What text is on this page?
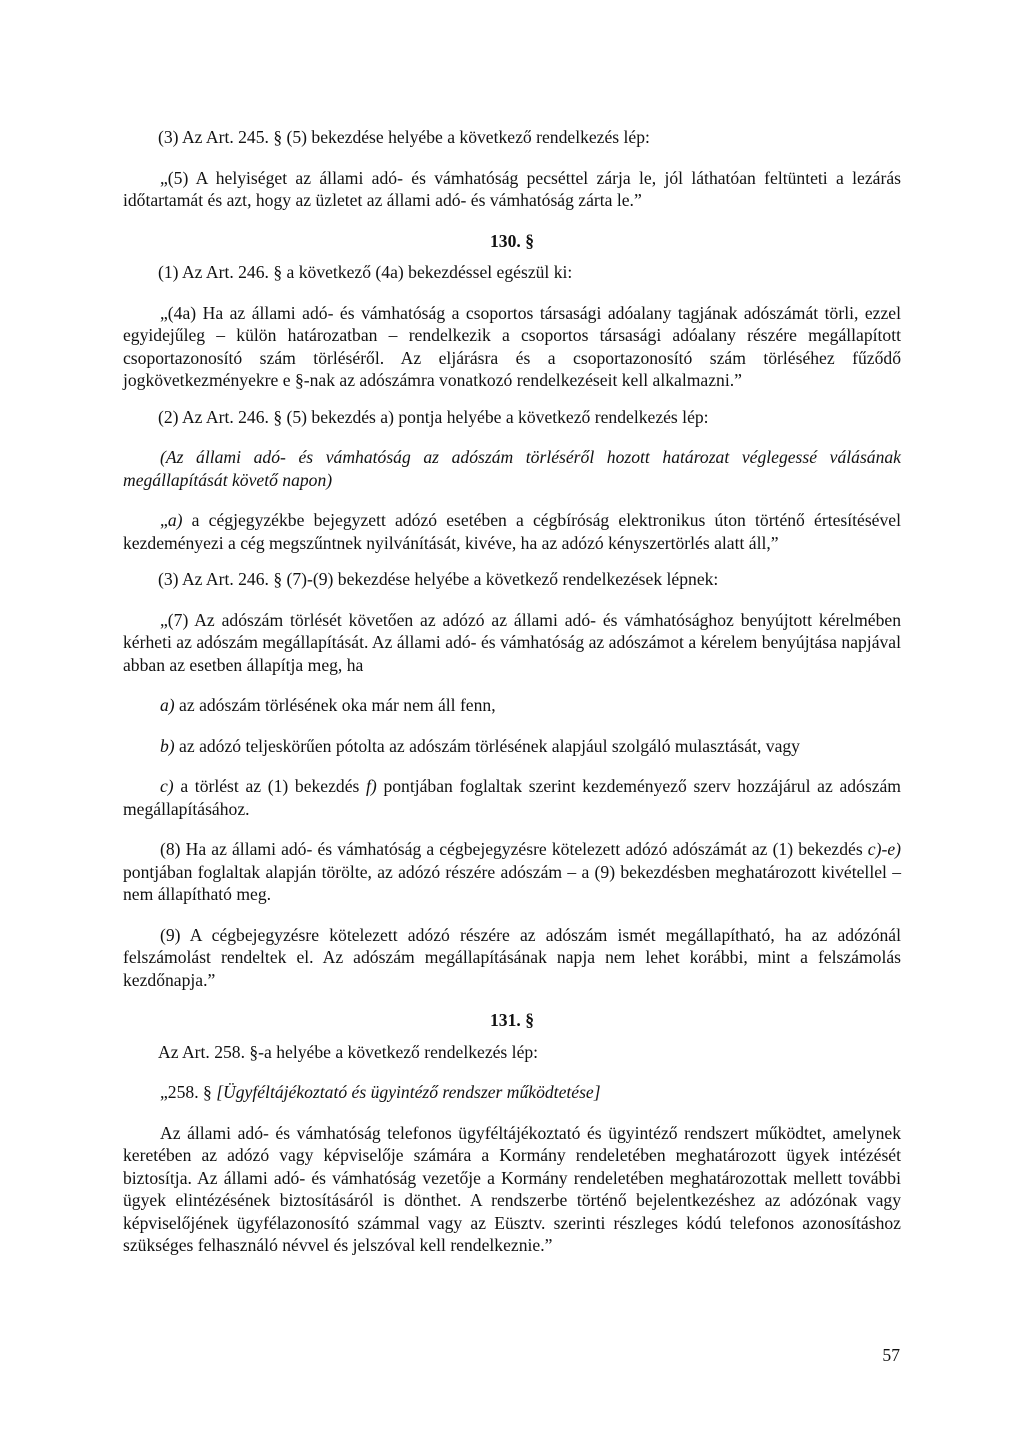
(3) Az Art. 245. § (5) bekezdése helyébe a következő rendelkezés lép:

„(5) A helyiséget az állami adó- és vámhatóság pecséttel zárja le, jól láthatóan feltünteti a lezárás időtartamát és azt, hogy az üzletet az állami adó- és vámhatóság zárta le.”

130. §

(1) Az Art. 246. § a következő (4a) bekezdéssel egészül ki:

„(4a) Ha az állami adó- és vámhatóság a csoportos társasági adóalany tagjának adószámát törli, ezzel egyidejűleg – külön határozatban – rendelkezik a csoportos társasági adóalany részére megállapított csoportazonosító szám törléséről. Az eljárásra és a csoportazonosító szám törléséhez fűződő jogkövetkezményekre e §-nak az adószámra vonatkozó rendelkezéseit kell alkalmazni.”

(2) Az Art. 246. § (5) bekezdés a) pontja helyébe a következő rendelkezés lép:

(Az állami adó- és vámhatóság az adószám törléséről hozott határozat véglegessé válásának megállapítását követő napon)

„a) a cégjegyzékbe bejegyzett adózó esetében a cégbíróság elektronikus úton történő értesítésével kezdeményezi a cég megszűntnek nyilvánítását, kivéve, ha az adózó kényszertörlés alatt áll,”

(3) Az Art. 246. § (7)-(9) bekezdése helyébe a következő rendelkezések lépnek:

„(7) Az adószám törlését követően az adózó az állami adó- és vámhatósághoz benyújtott kérelmében kérheti az adószám megállapítását. Az állami adó- és vámhatóság az adószámot a kérelem benyújtása napjával abban az esetben állapítja meg, ha

a) az adószám törlésének oka már nem áll fenn,

b) az adózó teljeskörűen pótolta az adószám törlésének alapjául szolgáló mulasztását, vagy

c) a törlést az (1) bekezdés f) pontjában foglaltak szerint kezdeményező szerv hozzájárul az adószám megállapításához.

(8) Ha az állami adó- és vámhatóság a cégbejegyzésre kötelezett adózó adószámát az (1) bekezdés c)-e) pontjában foglaltak alapján törölte, az adózó részére adószám – a (9) bekezdésben meghatározott kivétellel – nem állapítható meg.

(9) A cégbejegyzésre kötelezett adózó részére az adószám ismét megállapítható, ha az adózónál felszámolást rendeltek el. Az adószám megállapításának napja nem lehet korábbi, mint a felszámolás kezdőnapja.”

131. §

Az Art. 258. §-a helyébe a következő rendelkezés lép:

„258. § [Ügyféltájékoztató és ügyintéző rendszer működtetése]

Az állami adó- és vámhatóság telefonos ügyféltájékoztató és ügyintéző rendszert működtet, amelynek keretében az adózó vagy képviselője számára a Kormány rendeletében meghatározott ügyek intézését biztosítja. Az állami adó- és vámhatóság vezetője a Kormány rendeletében meghatározottak mellett további ügyek elintézésének biztosításáról is dönthet. A rendszerbe történő bejelentkezéshez az adózónak vagy képviselőjének ügyfélazonosító számmal vagy az Eüsztv. szerinti részleges kódú telefonos azonosításhoz szükséges felhasználó névvel és jelszóval kell rendelkeznie.”

57
